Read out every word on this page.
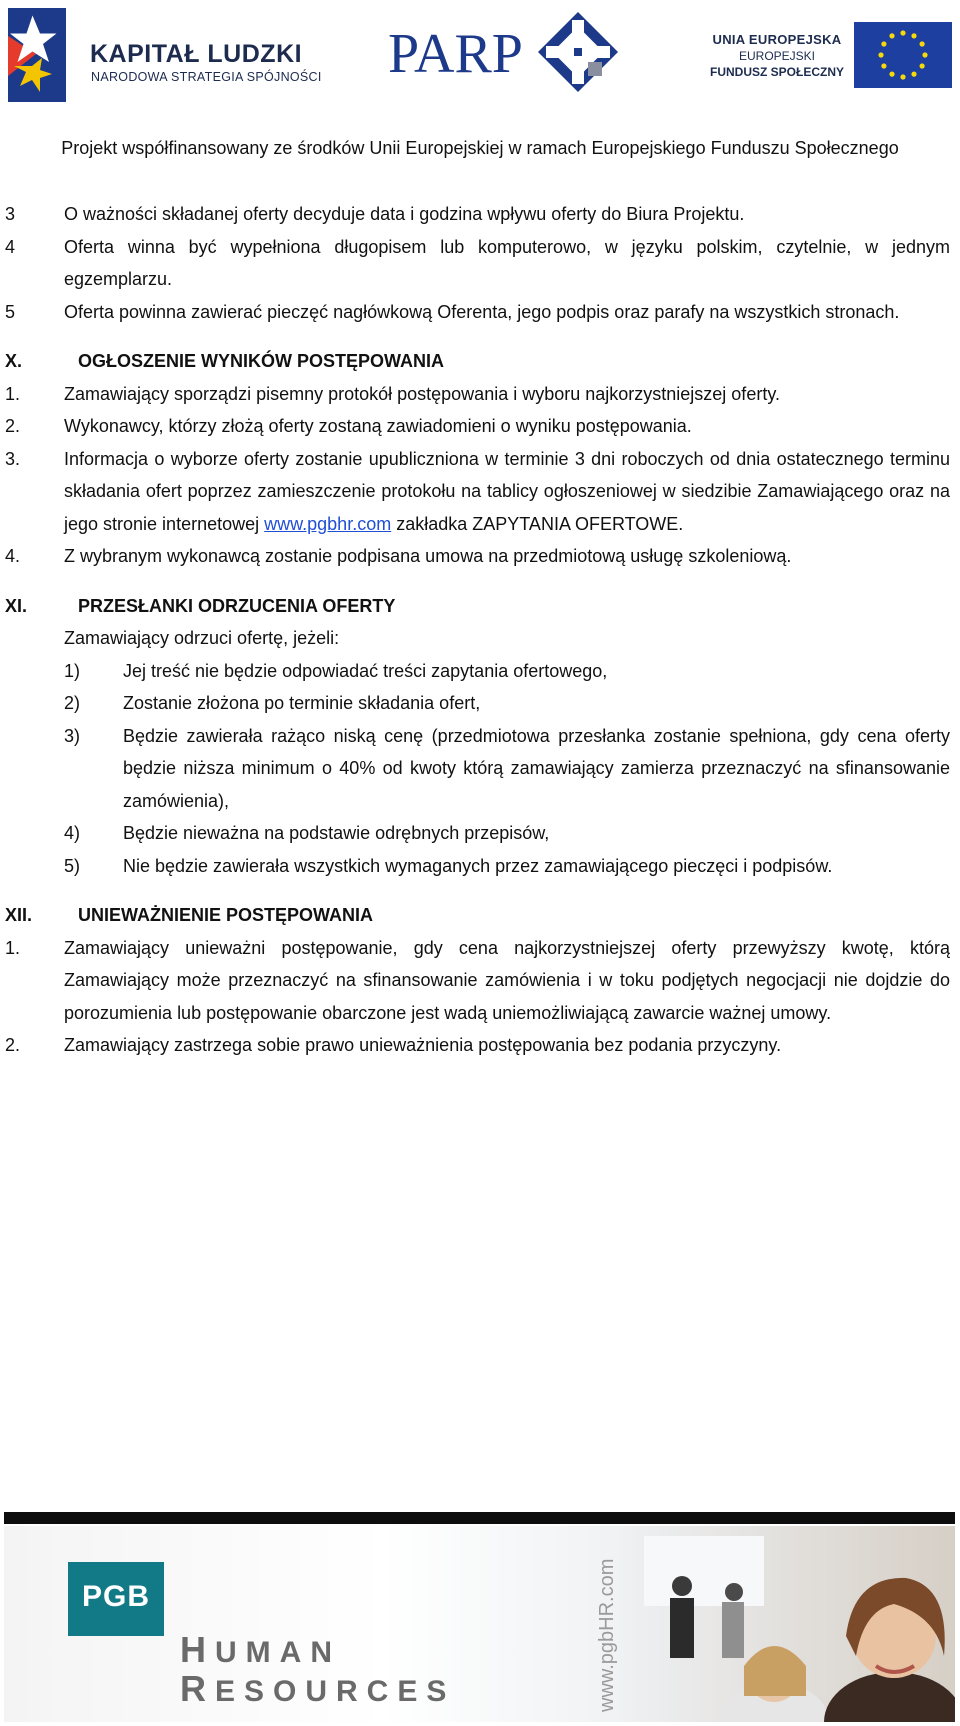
KAPITAŁ LUDZKI
NARODOWA STRATEGIA SPÓJNOŚCI PARP	UNIA EUROPEJSKA
EUROPEJSKI
FUNDUSZ SPOŁECZNY
Projekt współfinansowany ze środków Unii Europejskiej w ramach Europejskiego Funduszu Społecznego
3	O ważności składanej oferty decyduje data i godzina wpływu oferty do Biura Projektu.
4	Oferta winna być wypełniona długopisem lub komputerowo, w języku polskim, czytelnie, w jednym egzemplarzu.
5	Oferta powinna zawierać pieczęć nagłówkową Oferenta, jego podpis oraz parafy na wszystkich stronach.
X.	OGŁOSZENIE WYNIKÓW POSTĘPOWANIA
1. Zamawiający sporządzi pisemny protokół postępowania i wyboru najkorzystniejszej oferty.
2. Wykonawcy, którzy złożą oferty zostaną zawiadomieni o wyniku postępowania.
3. Informacja o wyborze oferty zostanie upubliczniona w terminie 3 dni roboczych od dnia ostatecznego terminu składania ofert poprzez zamieszczenie protokołu na tablicy ogłoszeniowej w siedzibie Zamawiającego oraz na jego stronie internetowej www.pgbhr.com zakładka ZAPYTANIA OFERTOWE.
4. Z wybranym wykonawcą zostanie podpisana umowa na przedmiotową usługę szkoleniową.
XI.	PRZESŁANKI ODRZUCENIA OFERTY
Zamawiający odrzuci ofertę, jeżeli:
1) Jej treść nie będzie odpowiadać treści zapytania ofertowego,
2) Zostanie złożona po terminie składania ofert,
3) Będzie zawierała rażąco niską cenę (przedmiotowa przesłanka zostanie spełniona, gdy cena oferty będzie niższa minimum o 40% od kwoty którą zamawiający zamierza przeznaczyć na sfinansowanie zamówienia),
4) Będzie nieważna na podstawie odrębnych przepisów,
5) Nie będzie zawierała wszystkich wymaganych przez zamawiającego pieczęci i podpisów.
XII.	UNIEWAŻNIENIE POSTĘPOWANIA
1. Zamawiający unieważni postępowanie, gdy cena najkorzystniejszej oferty przewyższy kwotę, którą Zamawiający może przeznaczyć na sfinansowanie zamówienia i w toku podjętych negocjacji nie dojdzie do porozumienia lub postępowanie obarczone jest wadą uniemożliwiającą zawarcie ważnej umowy.
2. Zamawiający zastrzega sobie prawo unieważnienia postępowania bez podania przyczyny.
PGB
HUMAN
RESOURCES	www.pgbHR.com
